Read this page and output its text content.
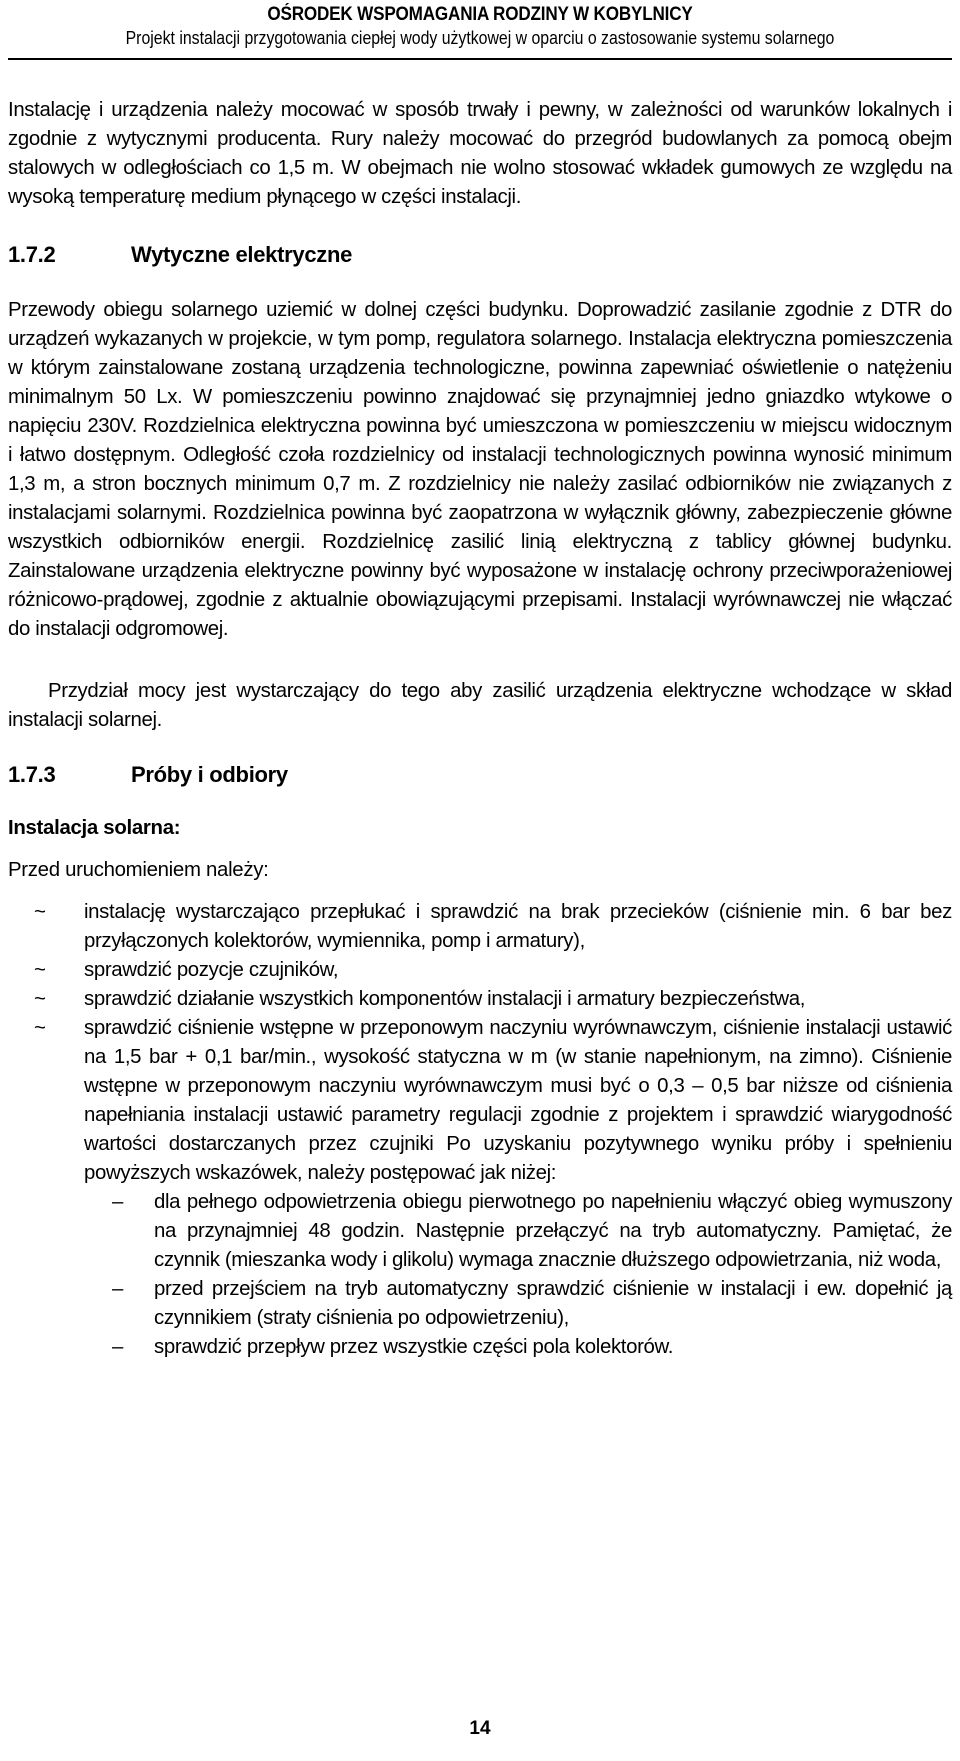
OŚRODEK WSPOMAGANIA RODZINY W KOBYLNICY
Projekt instalacji przygotowania ciepłej wody użytkowej w oparciu o zastosowanie systemu solarnego

Instalację i urządzenia należy mocować w sposób trwały i pewny, w zależności od warunków lokalnych i zgodnie z wytycznymi producenta. Rury należy mocować do przegród budowlanych za pomocą obejm stalowych w odległościach co 1,5 m. W obejmach nie wolno stosować wkładek gumowych ze względu na wysoką temperaturę medium płynącego w części instalacji.

1.7.2	Wytyczne elektryczne

Przewody obiegu solarnego uziemić w dolnej części budynku. Doprowadzić zasilanie zgodnie z DTR do urządzeń wykazanych w projekcie, w tym pomp, regulatora solarnego. Instalacja elektryczna pomieszczenia w którym zainstalowane zostaną urządzenia technologiczne, powinna zapewniać oświetlenie o natężeniu minimalnym 50 Lx. W pomieszczeniu powinno znajdować się przynajmniej jedno gniazdko wtykowe o napięciu 230V. Rozdzielnica elektryczna powinna być umieszczona w pomieszczeniu w miejscu widocznym i łatwo dostępnym. Odległość czoła rozdzielnicy od instalacji technologicznych powinna wynosić minimum 1,3 m, a stron bocznych minimum 0,7 m. Z rozdzielnicy nie należy zasilać odbiorników nie związanych z instalacjami solarnymi. Rozdzielnica powinna być zaopatrzona w wyłącznik główny, zabezpieczenie główne wszystkich odbiorników energii. Rozdzielnicę zasilić linią elektryczną z tablicy głównej budynku. Zainstalowane urządzenia elektryczne powinny być wyposażone w instalację ochrony przeciwporażeniowej różnicowo-prądowej, zgodnie z aktualnie obowiązującymi przepisami. Instalacji wyrównawczej nie włączać do instalacji odgromowej.

Przydział mocy jest wystarczający do tego aby zasilić urządzenia elektryczne wchodzące w skład instalacji solarnej.

1.7.3	Próby i odbiory
Instalacja solarna:
Przed uruchomieniem należy:
~ instalację wystarczająco przepłukać i sprawdzić na brak przecieków (ciśnienie min. 6 bar bez przyłączonych kolektorów, wymiennika, pomp i armatury),
~ sprawdzić pozycje czujników,
~ sprawdzić działanie wszystkich komponentów instalacji i armatury bezpieczeństwa,
~ sprawdzić ciśnienie wstępne w przeponowym naczyniu wyrównawczym, ciśnienie instalacji ustawić na 1,5 bar + 0,1 bar/min., wysokość statyczna w m (w stanie napełnionym, na zimno). Ciśnienie wstępne w przeponowym naczyniu wyrównawczym musi być o 0,3 – 0,5 bar niższe od ciśnienia napełniania instalacji ustawić parametry regulacji zgodnie z projektem i sprawdzić wiarygodność wartości dostarczanych przez czujniki Po uzyskaniu pozytywnego wyniku próby i spełnieniu powyższych wskazówek, należy postępować jak niżej:
– dla pełnego odpowietrzenia obiegu pierwotnego po napełnieniu włączyć obieg wymuszony na przynajmniej 48 godzin. Następnie przełączyć na tryb automatyczny. Pamiętać, że czynnik (mieszanka wody i glikolu) wymaga znacznie dłuższego odpowietrzania, niż woda,
– przed przejściem na tryb automatyczny sprawdzić ciśnienie w instalacji i ew. dopełnić ją czynnikiem (straty ciśnienia po odpowietrzeniu),
– sprawdzić przepływ przez wszystkie części pola kolektorów.
14
